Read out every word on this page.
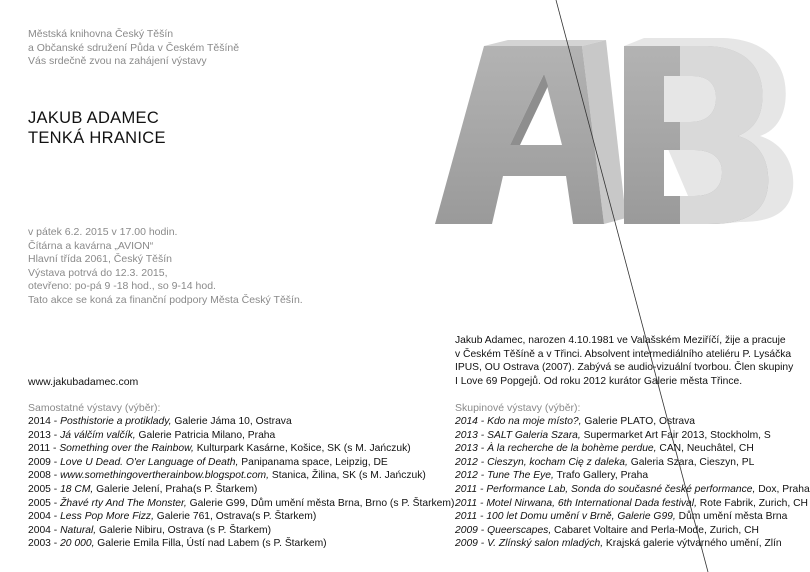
Městská knihovna Český Těšín
a Občanské sdružení Půda v Českém Těšíně
Vás srdečně zvou na zahájení výstavy
JAKUB ADAMEC
TENKÁ HRANICE
v pátek 6.2. 2015 v 17.00 hodin.
Čítárna a kavárna „AVION“
Hlavní třída 2061, Český Těšín
Výstava potrvá do 12.3. 2015,
otevřeno: po-pá 9 -18 hod., so 9-14 hod.
Tato akce se koná za finanční podpory Města Český Těšín.
Jakub Adamec, narozen 4.10.1981 ve Valašském Meziříčí, žije a pracuje
v Českém Těšíně a v Třinci. Absolvent intermediálního ateliéru P. Lysáčka
IPUS, OU Ostrava (2007). Zabývá se audio-vizuální tvorbou. Člen skupiny
I Love 69 Popgejů. Od roku 2012 kurátor Galerie města Třince.
www.jakubadamec.com
Samostatné výstavy (výběr):
2014 - Posthistorie a protiklady, Galerie Jáma 10, Ostrava
2013 - Já válčím valčík, Galerie Patricia Milano, Praha
2011 - Something over the Rainbow, Kulturpark Kasárne, Košice, SK (s M. Jańczuk)
2009 - Love U Dead. O'er Language of Death, Panipanama space, Leipzig, DE
2008 - www.somethingovertherainbow.blogspot.com, Stanica, Žilina, SK (s M. Jańczuk)
2005 - 18 CM, Galerie Jelení, Praha(s P. Štarkem)
2005 - Žhavé rty And The Monster, Galerie G99, Dům umění města Brna, Brno (s P. Štarkem)
2004 - Less Pop More Fizz, Galerie 761, Ostrava(s P. Štarkem)
2004 - Natural, Galerie Nibiru, Ostrava (s P. Štarkem)
2003 - 20 000, Galerie Emila Filla, Ústí nad Labem (s P. Štarkem)
Skupinové výstavy (výběr):
2014 - Kdo na moje místo?, Galerie PLATO, Ostrava
2013 - SALT Galeria Szara, Supermarket Art Fair 2013, Stockholm, S
2013 - À la recherche de la bohème perdue, CAN, Neuchâtel, CH
2012 - Cieszyn, kocham Cię z daleka, Galeria Szara, Cieszyn, PL
2012 - Tune The Eye, Trafo Gallery, Praha
2011 - Performance Lab, Sonda do současné české performance, Dox, Praha
2011 - Motel Nirwana, 6th International Dada festival, Rote Fabrik, Zurich, CH
2011 - 100 let Domu umění v Brně, Galerie G99, Dům umění města Brna
2009 - Queerscapes, Cabaret Voltaire and Perla-Mode, Zurich, CH
2009 - V. Zlínský salon mladých, Krajská galerie výtvarného umění, Zlín
